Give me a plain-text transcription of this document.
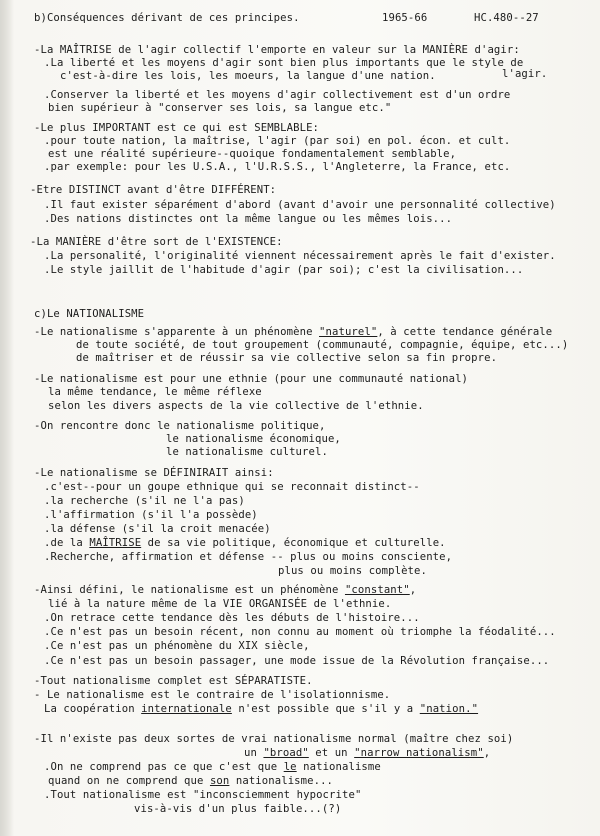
b)Conséquences dérivant de ces principes.	1965-66	HC.480--27
-La MAÎTRISE de l'agir collectif l'emporte en valeur sur la MANIÈRE d'agir:
.La liberté et les moyens d'agir sont bien plus importants que le style de
l'agir.
c'est-à-dire les lois, les moeurs, la langue d'une nation.
.Conserver la liberté et les moyens d'agir collectivement est d'un ordre
bien supérieur à "conserver ses lois, sa langue etc."
-Le plus IMPORTANT est ce qui est SEMBLABLE:
.pour toute nation, la maîtrise, l'agir (par soi) en pol. écon. et cult.
est une réalité supérieure--quoique fondamentalement semblable,
.par exemple: pour les U.S.A., l'U.R.S.S., l'Angleterre, la France, etc.
-Etre DISTINCT avant d'être DIFFÉRENT:
.Il faut exister séparément d'abord (avant d'avoir une personnalité collective)
.Des nations distinctes ont la même langue ou les mêmes lois...
-La MANIÈRE d'être sort de l'EXISTENCE:
.La personalité, l'originalité viennent nécessairement après le fait d'exister.
.Le style jaillit de l'habitude d'agir (par soi); c'est la civilisation...
c)Le NATIONALISME
-Le nationalisme s'apparente à un phénomène "naturel", à cette tendance générale
de toute société, de tout groupement (communauté, compagnie, équipe, etc...)
de maîtriser et de réussir sa vie collective selon sa fin propre.
-Le nationalisme est pour une ethnie (pour une communauté national)
la même tendance, le même réflexe
selon les divers aspects de la vie collective de l'ethnie.
-On rencontre donc le nationalisme politique,
le nationalisme économique,
le nationalisme culturel.
-Le nationalisme se DÉFINIRAIT ainsi:
.c'est--pour un goupe ethnique qui se reconnait distinct--
.la recherche (s'il ne l'a pas)
.l'affirmation (s'il l'a possède)
.la défense (s'il la croit menacée)
.de la MAÎTRISE de sa vie politique, économique et culturelle.
.Recherche, affirmation et défense -- plus ou moins consciente,
plus ou moins complète.
-Ainsi défini, le nationalisme est un phénomène "constant",
lié à la nature même de la VIE ORGANISÉE de l'ethnie.
.On retrace cette tendance dès les débuts de l'histoire...
.Ce n'est pas un besoin récent, non connu au moment où triomphe la féodalité...
.Ce n'est pas un phénomène du XIX siècle,
.Ce n'est pas un besoin passager, une mode issue de la Révolution française...
-Tout nationalisme complet est SÉPARATISTE.
- Le nationalisme est le contraire de l'isolationnisme.
La coopération internationale n'est possible que s'il y a "nation."
-Il n'existe pas deux sortes de vrai nationalisme normal (maître chez soi)
un "broad" et un "narrow nationalism",
.On ne comprend pas ce que c'est que le nationalisme
quand on ne comprend que son nationalisme...
.Tout nationalisme est "inconsciemment hypocrite"
vis-à-vis d'un plus faible...(?)
